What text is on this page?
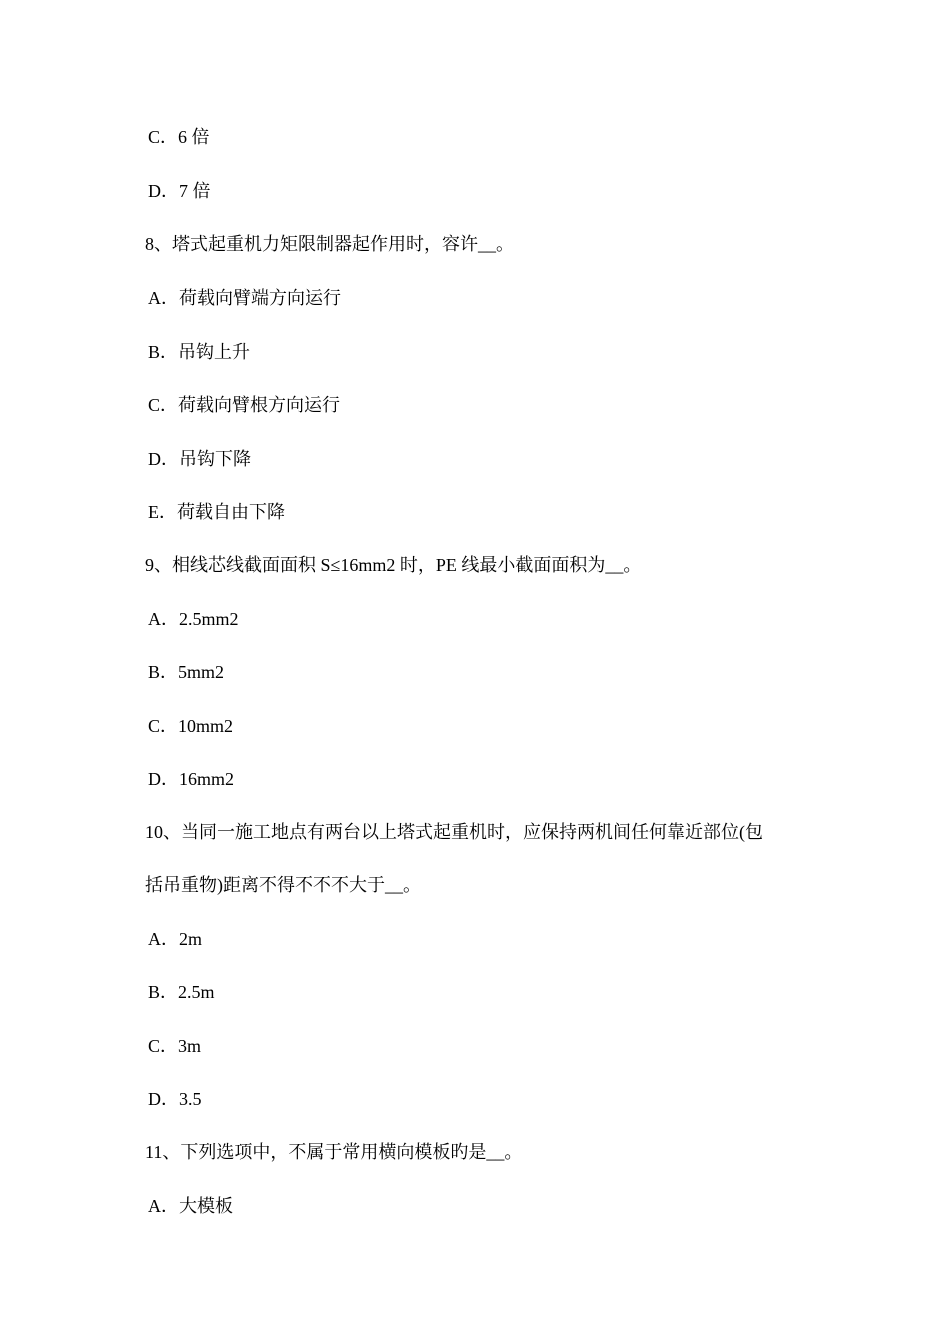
C．6 倍
D．7 倍
8、塔式起重机力矩限制器起作用时，容许__。
A．荷载向臂端方向运行
B．吊钩上升
C．荷载向臂根方向运行
D．吊钩下降
E．荷载自由下降
9、相线芯线截面面积 S≤16mm2 时，PE 线最小截面面积为__。
A．2.5mm2
B．5mm2
C．10mm2
D．16mm2
10、当同一施工地点有两台以上塔式起重机时，应保持两机间任何靠近部位(包
括吊重物)距离不得不不不大于__。
A．2m
B．2.5m
C．3m
D．3.5
11、下列选项中，不属于常用横向模板旳是__。
A．大模板
